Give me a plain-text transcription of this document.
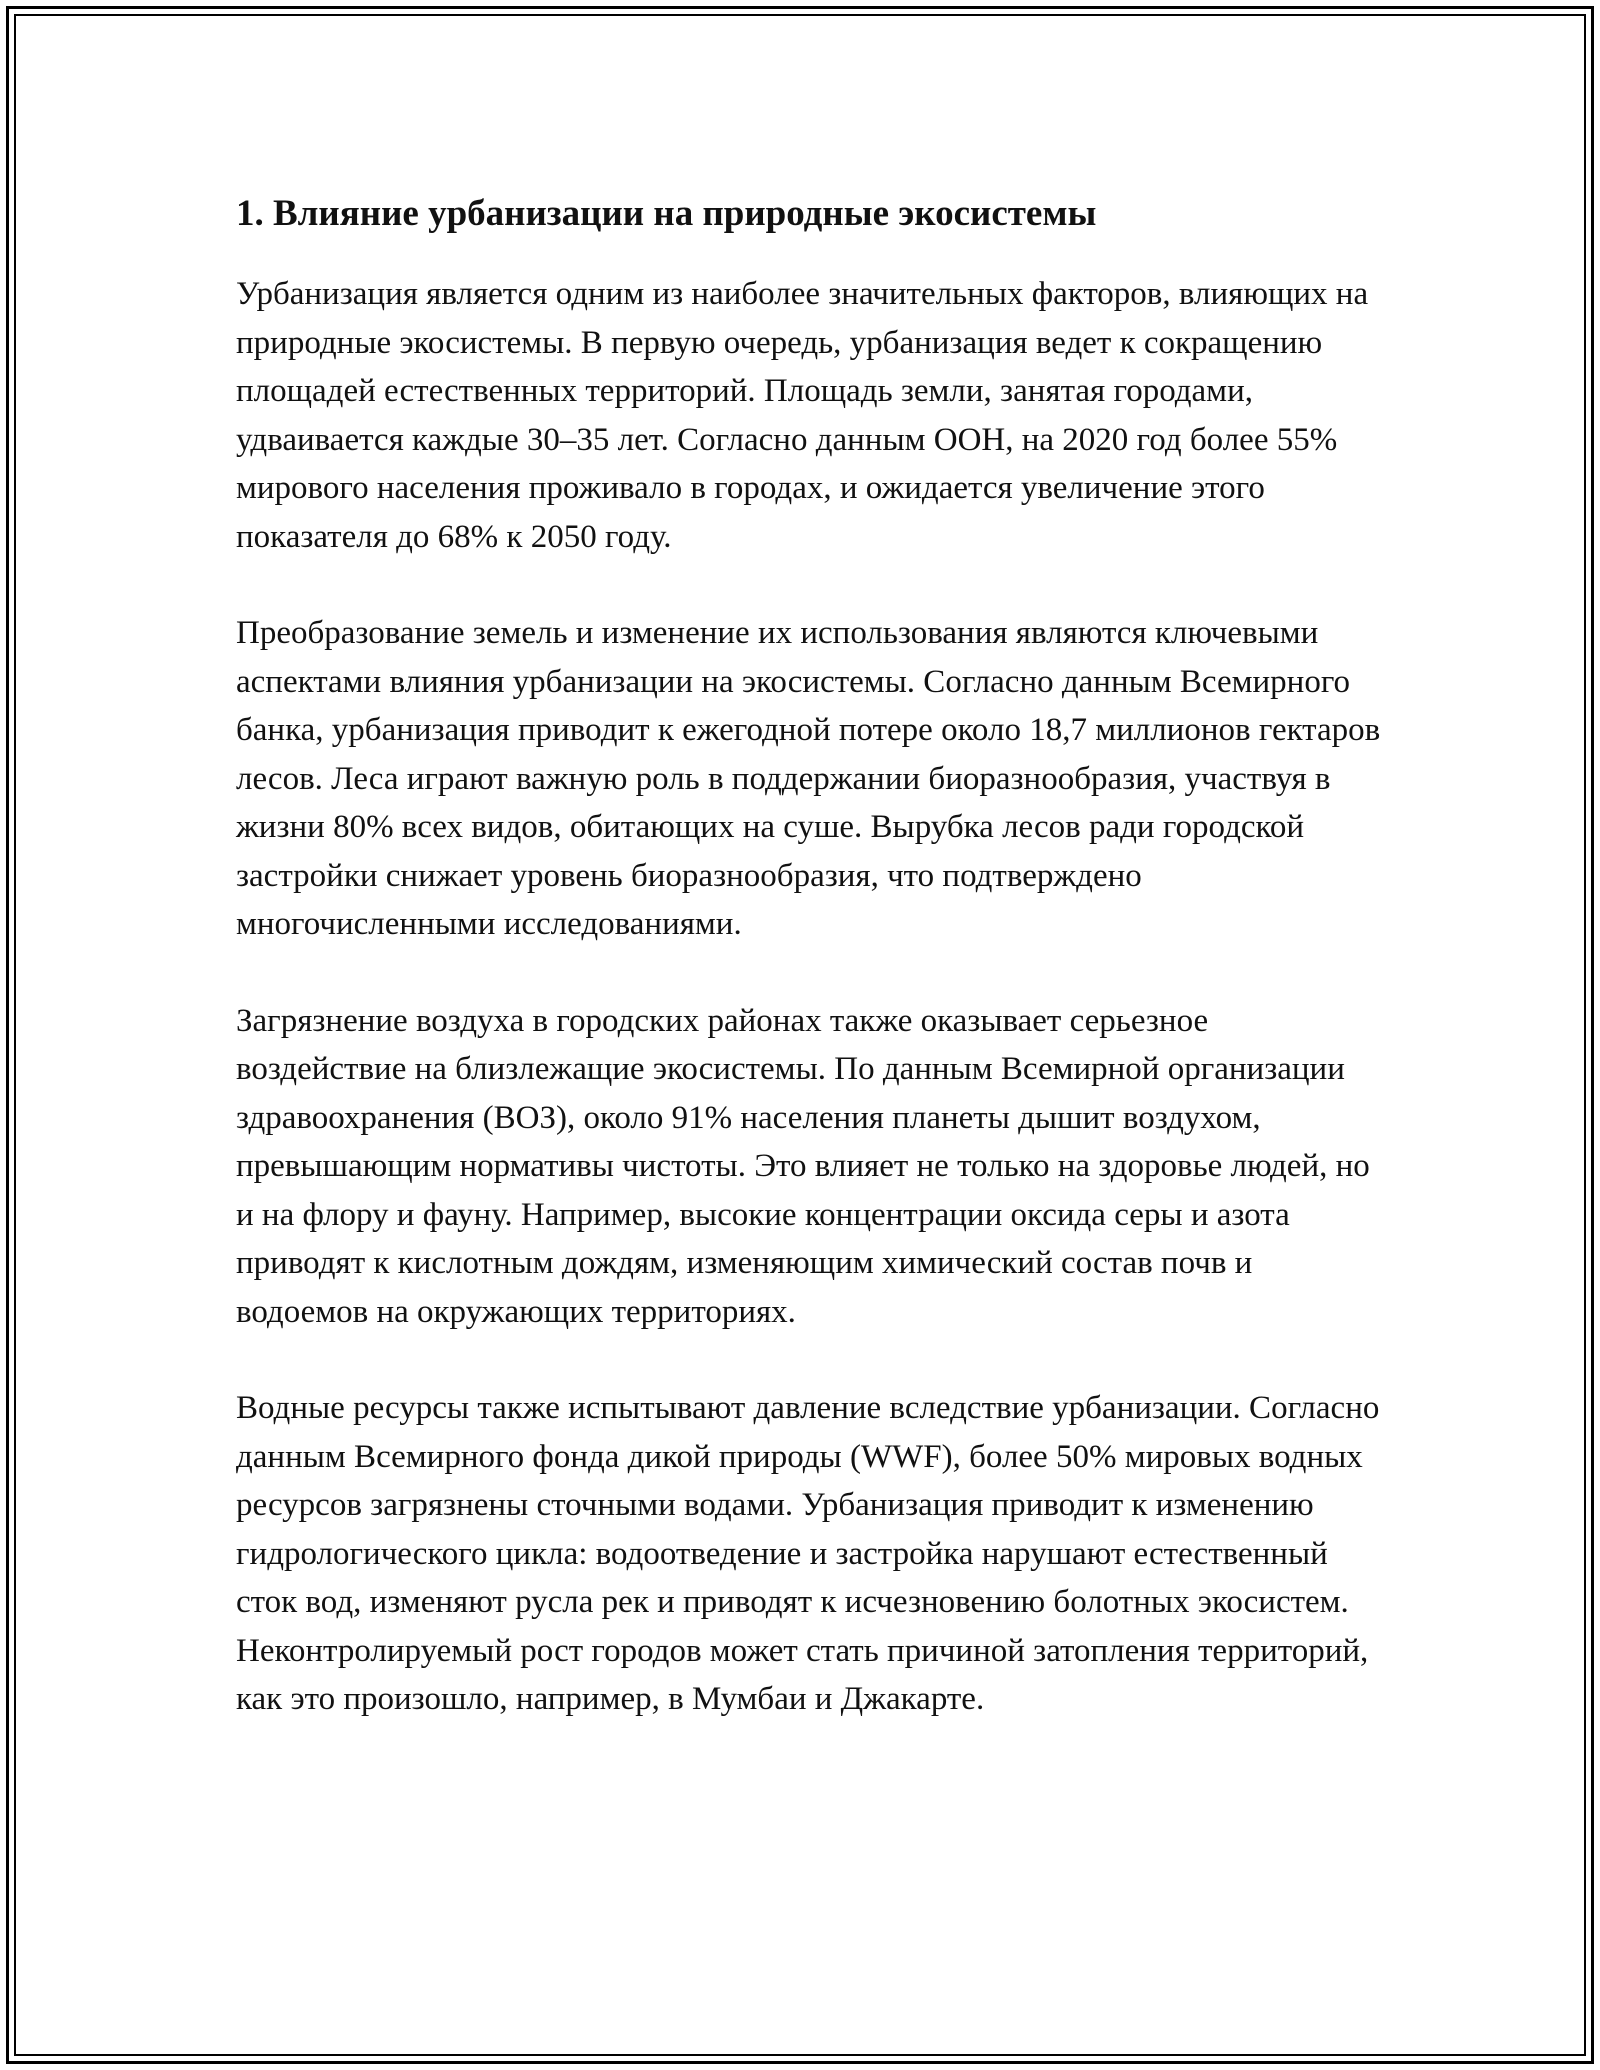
1. Влияние урбанизации на природные экосистемы

Урбанизация является одним из наиболее значительных факторов, влияющих на природные экосистемы. В первую очередь, урбанизация ведет к сокращению площадей естественных территорий. Площадь земли, занятая городами, удваивается каждые 30–35 лет. Согласно данным ООН, на 2020 год более 55% мирового населения проживало в городах, и ожидается увеличение этого показателя до 68% к 2050 году.

Преобразование земель и изменение их использования являются ключевыми аспектами влияния урбанизации на экосистемы. Согласно данным Всемирного банка, урбанизация приводит к ежегодной потере около 18,7 миллионов гектаров лесов. Леса играют важную роль в поддержании биоразнообразия, участвуя в жизни 80% всех видов, обитающих на суше. Вырубка лесов ради городской застройки снижает уровень биоразнообразия, что подтверждено многочисленными исследованиями.

Загрязнение воздуха в городских районах также оказывает серьезное воздействие на близлежащие экосистемы. По данным Всемирной организации здравоохранения (ВОЗ), около 91% населения планеты дышит воздухом, превышающим нормативы чистоты. Это влияет не только на здоровье людей, но и на флору и фауну. Например, высокие концентрации оксида серы и азота приводят к кислотным дождям, изменяющим химический состав почв и водоемов на окружающих территориях.

Водные ресурсы также испытывают давление вследствие урбанизации. Согласно данным Всемирного фонда дикой природы (WWF), более 50% мировых водных ресурсов загрязнены сточными водами. Урбанизация приводит к изменению гидрологического цикла: водоотведение и застройка нарушают естественный сток вод, изменяют русла рек и приводят к исчезновению болотных экосистем. Неконтролируемый рост городов может стать причиной затопления территорий, как это произошло, например, в Мумбаи и Джакарте.
